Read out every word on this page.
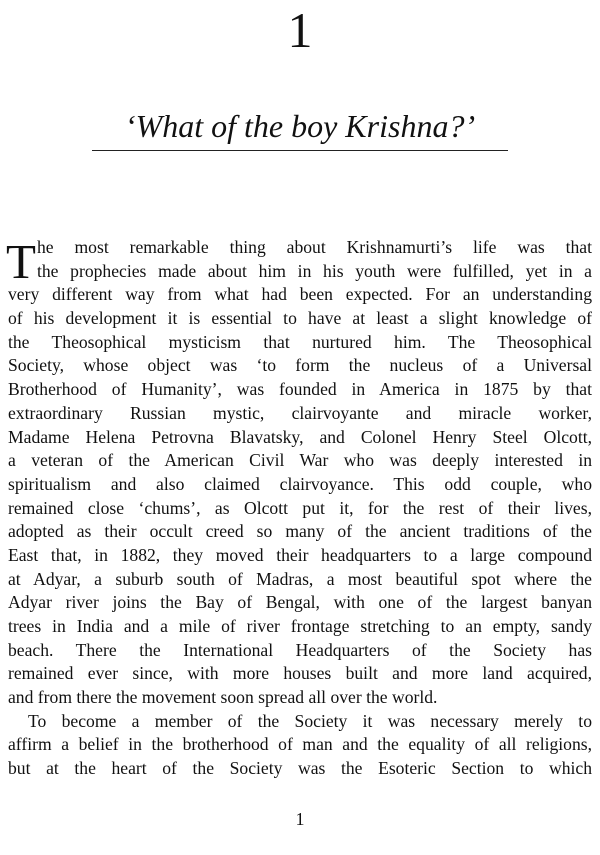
1
‘What of the boy Krishna?’
T he most remarkable thing about Krishnamurti’s life was that
the prophecies made about him in his youth were fulfilled, yet in a
very different way from what had been expected. For an understanding
of his development it is essential to have at least a slight knowledge of
the Theosophical mysticism that nurtured him. The Theosophical
Society, whose object was ‘to form the nucleus of a Universal
Brotherhood of Humanity’, was founded in America in 1875 by that
extraordinary Russian mystic, clairvoyante and miracle worker,
Madame Helena Petrovna Blavatsky, and Colonel Henry Steel Olcott,
a veteran of the American Civil War who was deeply interested in
spiritualism and also claimed clairvoyance. This odd couple, who
remained close ‘chums’, as Olcott put it, for the rest of their lives,
adopted as their occult creed so many of the ancient traditions of the
East that, in 1882, they moved their headquarters to a large compound
at Adyar, a suburb south of Madras, a most beautiful spot where the
Adyar river joins the Bay of Bengal, with one of the largest banyan
trees in India and a mile of river frontage stretching to an empty, sandy
beach. There the International Headquarters of the Society has
remained ever since, with more houses built and more land acquired,
and from there the movement soon spread all over the world.
To become a member of the Society it was necessary merely to
affirm a belief in the brotherhood of man and the equality of all religions,
but at the heart of the Society was the Esoteric Section to which
1
